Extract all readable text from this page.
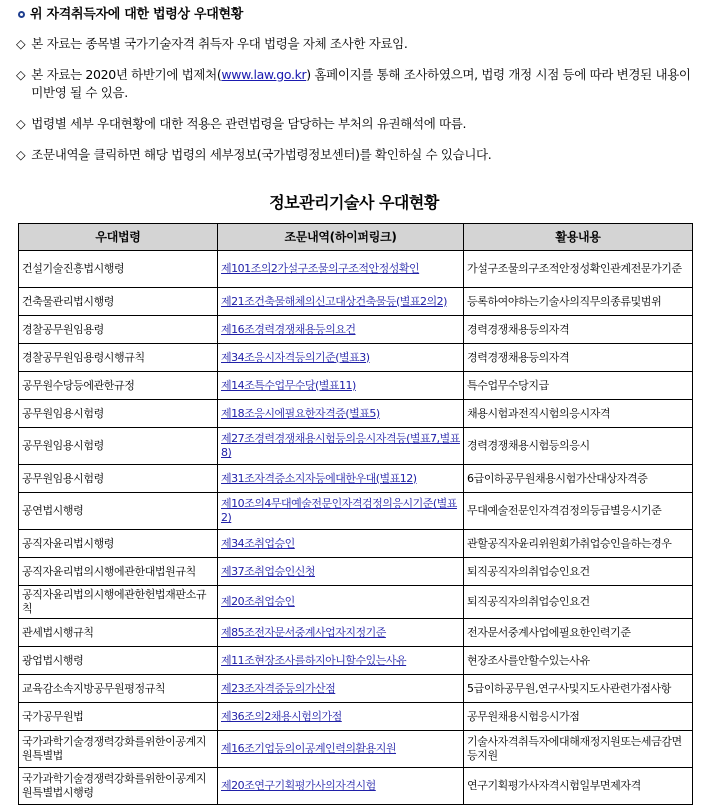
위 자격취득자에 대한 법령상 우대현황
◇ 본 자료는 종목별 국가기술자격 취득자 우대 법령을 자체 조사한 자료임.
◇ 본 자료는 2020년 하반기에 법제처(www.law.go.kr) 홈페이지를 통해 조사하였으며, 법령 개정 시점 등에 따라 변경된 내용이 미반영 될 수 있음.
◇ 법령별 세부 우대현황에 대한 적용은 관련법령을 담당하는 부처의 유권해석에 따름.
◇ 조문내역을 클릭하면 해당 법령의 세부정보(국가법령정보센터)를 확인하실 수 있습니다.
정보관리기술사 우대현황
우대법령	조문내역(하이퍼링크)	활용내용
건설기술진흥법시행령	제101조의2가설구조물의구조적안정성확인	가설구조물의구조적안정성확인관계전문가기준
건축물관리법시행령	제21조건축물해체의신고대상건축물등(별표2의2)	등록하여야하는기술사의직무의종류및범위
경찰공무원임용령	제16조경력경쟁채용등의요건	경력경쟁채용등의자격
경찰공무원임용령시행규칙	제34조응시자격등의기준(별표3)	경력경쟁채용등의자격
공무원수당등에관한규정	제14조특수업무수당(별표11)	특수업무수당지급
공무원임용시험령	제18조응시에필요한자격증(별표5)	채용시험과전직시험의응시자격
공무원임용시험령	제27조경력경쟁채용시험등의응시자격등(별표7,별표8)	경력경쟁채용시험등의응시
공무원임용시험령	제31조자격증소지자등에대한우대(별표12)	6급이하공무원채용시험가산대상자격증
공연법시행령	제10조의4무대예술전문인자격검정의응시기준(별표2)	무대예술전문인자격검정의등급별응시기준
공직자윤리법시행령	제34조취업승인	관할공직자윤리위원회가취업승인을하는경우
공직자윤리법의시행에관한대법원규칙	제37조취업승인신청	퇴직공직자의취업승인요건
공직자윤리법의시행에관한헌법재판소규칙	제20조취업승인	퇴직공직자의취업승인요건
관세법시행규칙	제85조전자문서중계사업자지정기준	전자문서중계사업에필요한인력기준
광업법시행령	제11조현장조사를하지아니할수있는사유	현장조사를안할수있는사유
교육감소속지방공무원평정규칙	제23조자격증등의가산점	5급이하공무원,연구사및지도사관련가점사항
국가공무원법	제36조의2채용시험의가점	공무원채용시험응시가점
국가과학기술경쟁력강화를위한이공계지원특별법	제16조기업등의이공계인력의활용지원	기술사자격취득자에대해재정지원또는세금감면등지원
국가과학기술경쟁력강화를위한이공계지원특별법시행령	제20조연구기획평가사의자격시험	연구기획평가사자격시험일부면제자격
